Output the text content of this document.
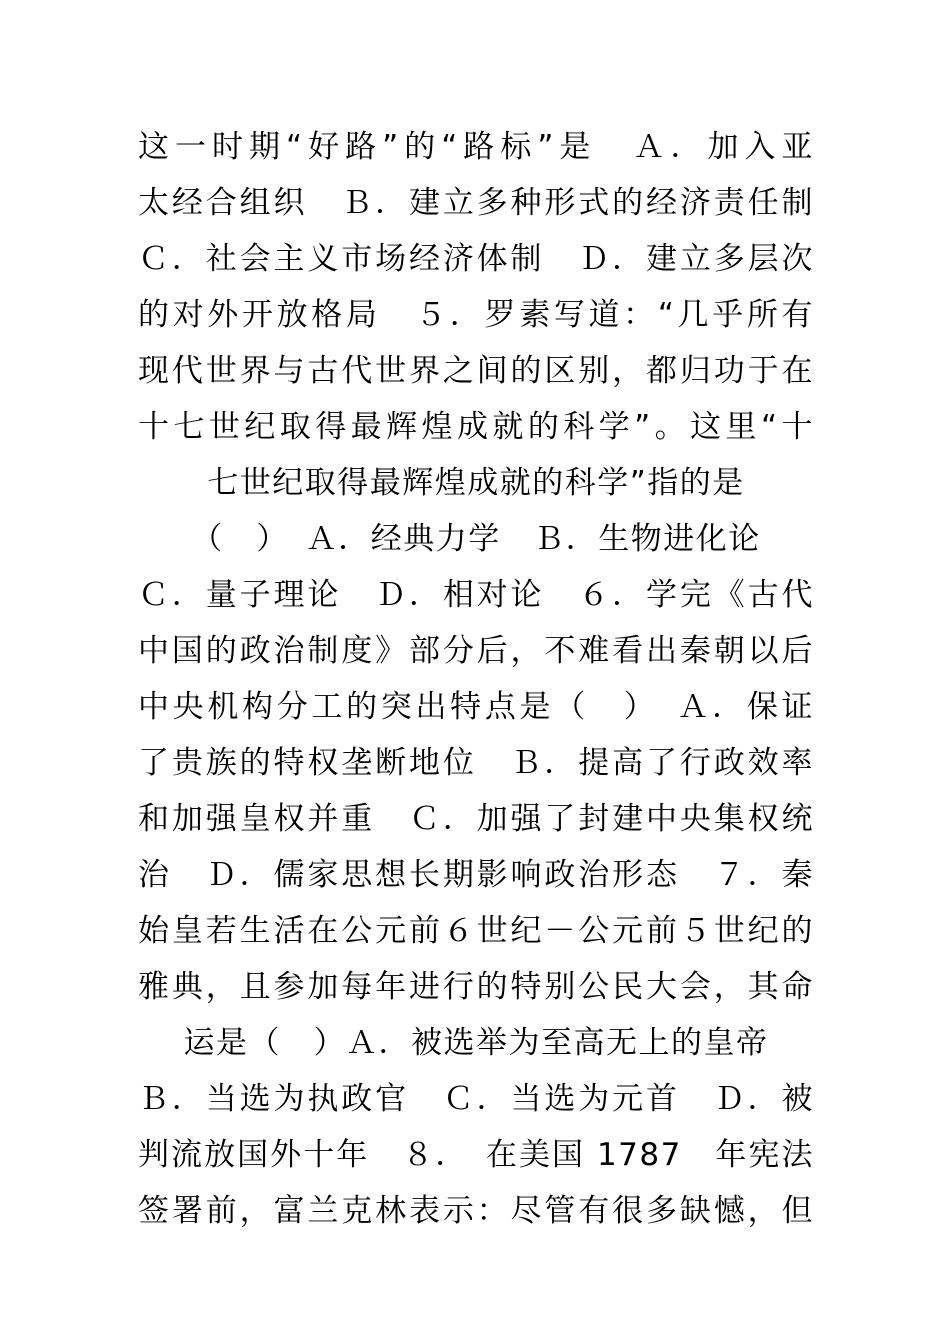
这一时期“好路”的“路标”是　Ａ．加入亚
太经合组织　Ｂ．建立多种形式的经济责任制
Ｃ．社会主义市场经济体制　Ｄ．建立多层次
的对外开放格局　５．罗素写道：“几乎所有
现代世界与古代世界之间的区别，都归功于在
十七世纪取得最辉煌成就的科学”。这里“十
七世纪取得最辉煌成就的科学”指的是
（　）　Ａ．经典力学　Ｂ．生物进化论
Ｃ．量子理论　Ｄ．相对论　６．学完《古代
中国的政治制度》部分后，不难看出秦朝以后
中央机构分工的突出特点是（　）　Ａ．保证
了贵族的特权垄断地位　Ｂ．提高了行政效率
和加强皇权并重　Ｃ．加强了封建中央集权统
治　Ｄ．儒家思想长期影响政治形态　７．秦
始皇若生活在公元前６世纪－公元前５世纪的
雅典，且参加每年进行的特别公民大会，其命
运是（　）Ａ．被选举为至高无上的皇帝
Ｂ．当选为执政官　Ｃ．当选为元首　Ｄ．被
判流放国外十年　８．　在美国 1787　年宪法
签署前，富兰克林表示：尽管有很多缺憾，但
